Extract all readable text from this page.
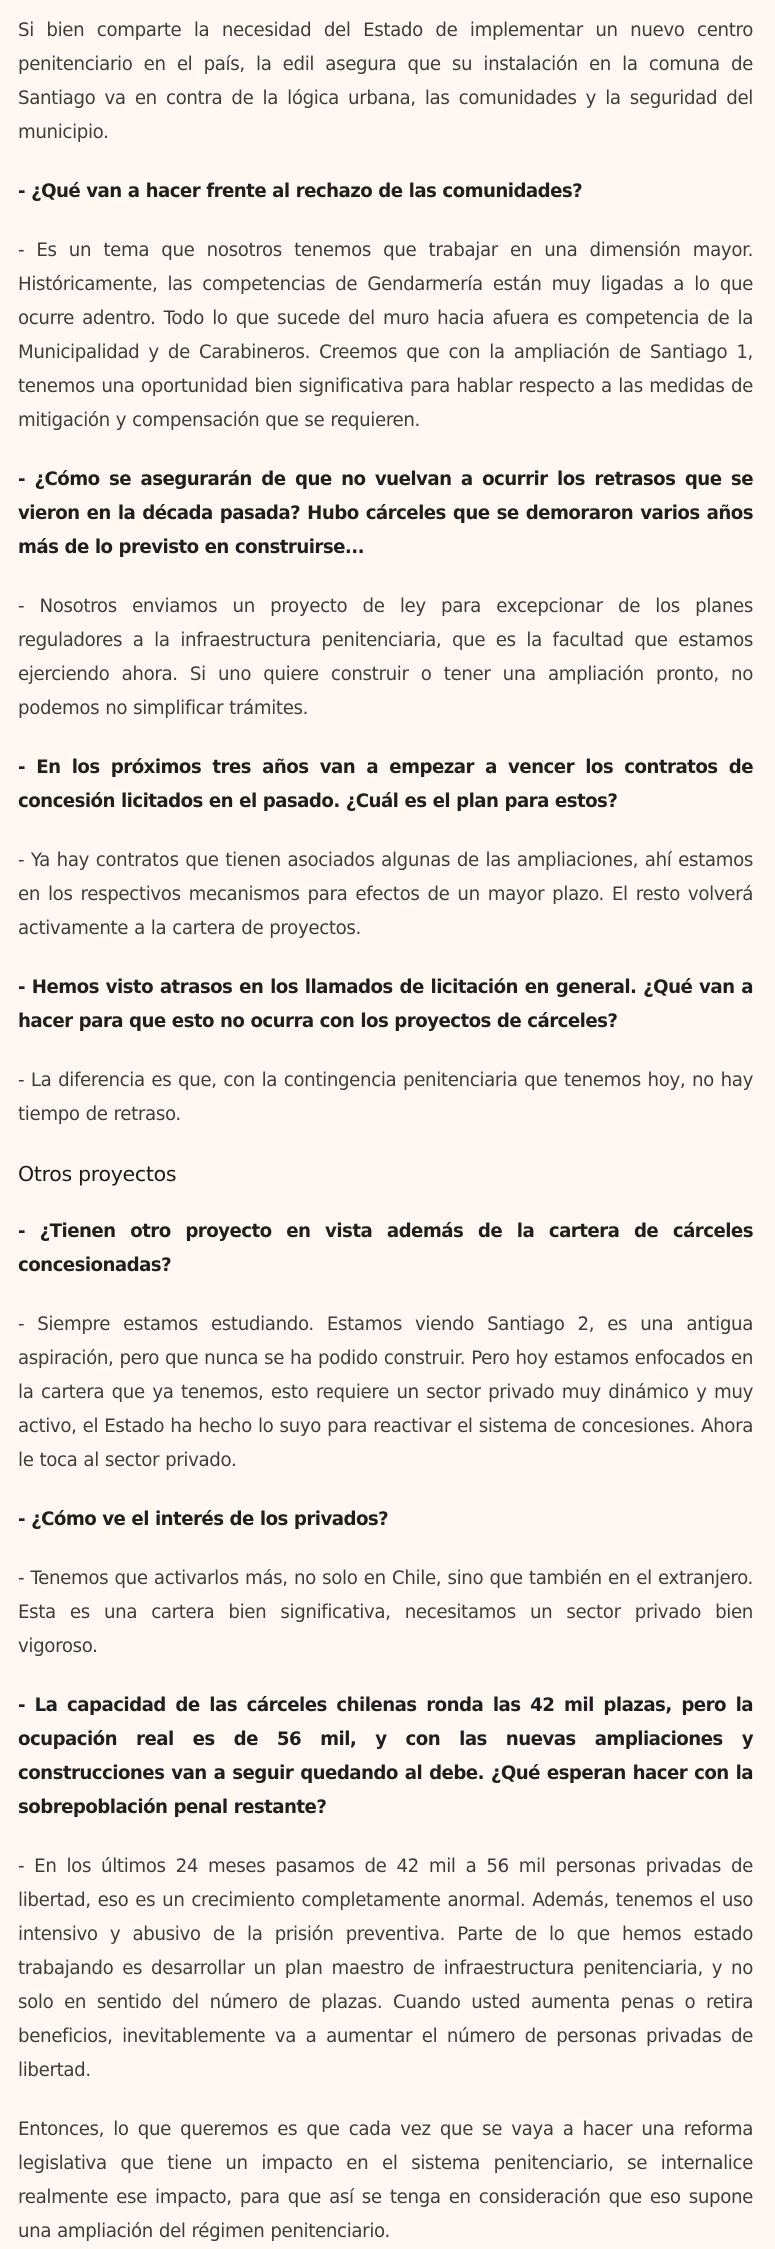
Si bien comparte la necesidad del Estado de implementar un nuevo centro penitenciario en el país, la edil asegura que su instalación en la comuna de Santiago va en contra de la lógica urbana, las comunidades y la seguridad del municipio.

- ¿Qué van a hacer frente al rechazo de las comunidades?

- Es un tema que nosotros tenemos que trabajar en una dimensión mayor. Históricamente, las competencias de Gendarmería están muy ligadas a lo que ocurre adentro. Todo lo que sucede del muro hacia afuera es competencia de la Municipalidad y de Carabineros. Creemos que con la ampliación de Santiago 1, tenemos una oportunidad bien significativa para hablar respecto a las medidas de mitigación y compensación que se requieren.

- ¿Cómo se asegurarán de que no vuelvan a ocurrir los retrasos que se vieron en la década pasada? Hubo cárceles que se demoraron varios años más de lo previsto en construirse...

- Nosotros enviamos un proyecto de ley para excepcionar de los planes reguladores a la infraestructura penitenciaria, que es la facultad que estamos ejerciendo ahora. Si uno quiere construir o tener una ampliación pronto, no podemos no simplificar trámites.

- En los próximos tres años van a empezar a vencer los contratos de concesión licitados en el pasado. ¿Cuál es el plan para estos?

- Ya hay contratos que tienen asociados algunas de las ampliaciones, ahí estamos en los respectivos mecanismos para efectos de un mayor plazo. El resto volverá activamente a la cartera de proyectos.

- Hemos visto atrasos en los llamados de licitación en general. ¿Qué van a hacer para que esto no ocurra con los proyectos de cárceles?

- La diferencia es que, con la contingencia penitenciaria que tenemos hoy, no hay tiempo de retraso.

Otros proyectos

- ¿Tienen otro proyecto en vista además de la cartera de cárceles concesionadas?

- Siempre estamos estudiando. Estamos viendo Santiago 2, es una antigua aspiración, pero que nunca se ha podido construir. Pero hoy estamos enfocados en la cartera que ya tenemos, esto requiere un sector privado muy dinámico y muy activo, el Estado ha hecho lo suyo para reactivar el sistema de concesiones. Ahora le toca al sector privado.

- ¿Cómo ve el interés de los privados?

- Tenemos que activarlos más, no solo en Chile, sino que también en el extranjero. Esta es una cartera bien significativa, necesitamos un sector privado bien vigoroso.

- La capacidad de las cárceles chilenas ronda las 42 mil plazas, pero la ocupación real es de 56 mil, y con las nuevas ampliaciones y construcciones van a seguir quedando al debe. ¿Qué esperan hacer con la sobrepoblación penal restante?

- En los últimos 24 meses pasamos de 42 mil a 56 mil personas privadas de libertad, eso es un crecimiento completamente anormal. Además, tenemos el uso intensivo y abusivo de la prisión preventiva. Parte de lo que hemos estado trabajando es desarrollar un plan maestro de infraestructura penitenciaria, y no solo en sentido del número de plazas. Cuando usted aumenta penas o retira beneficios, inevitablemente va a aumentar el número de personas privadas de libertad.

Entonces, lo que queremos es que cada vez que se vaya a hacer una reforma legislativa que tiene un impacto en el sistema penitenciario, se internalice realmente ese impacto, para que así se tenga en consideración que eso supone una ampliación del régimen penitenciario.
